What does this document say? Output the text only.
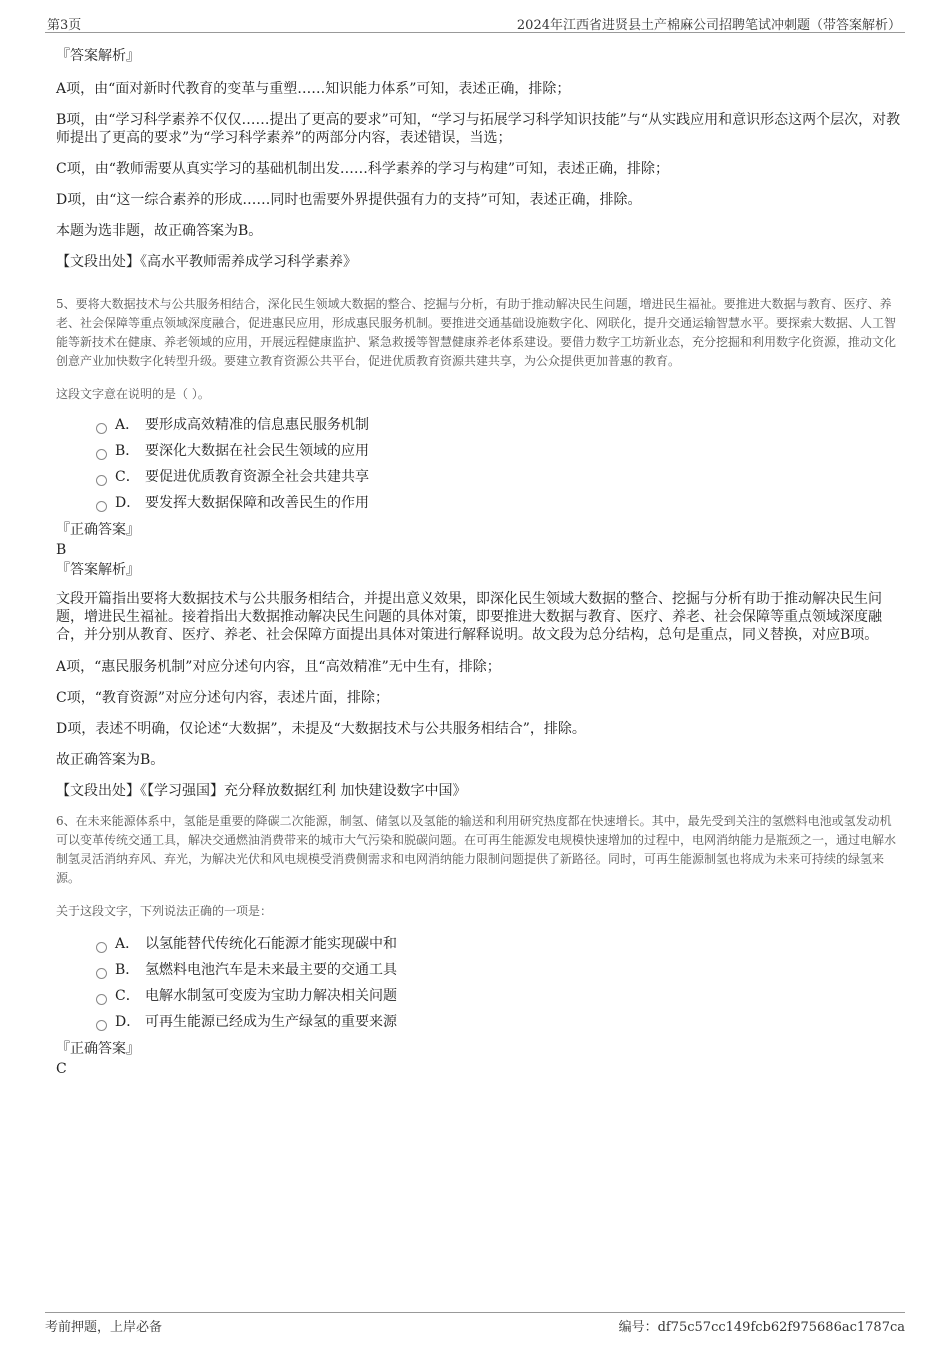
第3页	2024年江西省进贤县土产棉麻公司招聘笔试冲刺题（带答案解析）
『答案解析』
A项，由“面对新时代教育的变革与重塑……知识能力体系”可知，表述正确，排除；
B项，由“学习科学素养不仅仅……提出了更高的要求”可知，“学习与拓展学习科学知识技能”与“从实践应用和意识形态这两个层次，对教师提出了更高的要求”为“学习科学素养”的两部分内容，表述错误，当选；
C项，由“教师需要从真实学习的基础机制出发……科学素养的学习与构建”可知，表述正确，排除；
D项，由“这一综合素养的形成……同时也需要外界提供强有力的支持”可知，表述正确，排除。
本题为选非题，故正确答案为B。
【文段出处】《高水平教师需养成学习科学素养》
5、要将大数据技术与公共服务相结合，深化民生领域大数据的整合、挖掘与分析，有助于推动解决民生问题，增进民生福祉。要推进大数据与教育、医疗、养老、社会保障等重点领域深度融合，促进惠民应用，形成惠民服务机制。要推进交通基础设施数字化、网联化，提升交通运输智慧水平。要探索大数据、人工智能等新技术在健康、养老领域的应用，开展远程健康监护、紧急救援等智慧健康养老体系建设。要借力数字工坊新业态，充分挖掘和利用数字化资源，推动文化创意产业加快数字化转型升级。要建立教育资源公共平台，促进优质教育资源共建共享，为公众提供更加普惠的教育。
这段文字意在说明的是（ ）。
A． 要形成高效精准的信息惠民服务机制
B． 要深化大数据在社会民生领域的应用
C． 要促进优质教育资源全社会共建共享
D． 要发挥大数据保障和改善民生的作用
『正确答案』
B
『答案解析』
文段开篇指出要将大数据技术与公共服务相结合，并提出意义效果，即深化民生领域大数据的整合、挖掘与分析有助于推动解决民生问题，增进民生福祉。接着指出大数据推动解决民生问题的具体对策，即要推进大数据与教育、医疗、养老、社会保障等重点领域深度融合，并分别从教育、医疗、养老、社会保障方面提出具体对策进行解释说明。故文段为总分结构，总句是重点，同义替换，对应B项。
A项，“惠民服务机制”对应分述句内容，且“高效精准”无中生有，排除；
C项，“教育资源”对应分述句内容，表述片面，排除；
D项，表述不明确，仅论述“大数据”，未提及“大数据技术与公共服务相结合”，排除。
故正确答案为B。
【文段出处】《【学习强国】充分释放数据红利 加快建设数字中国》
6、在未来能源体系中，氢能是重要的降碳二次能源，制氢、储氢以及氢能的输送和利用研究热度都在快速增长。其中，最先受到关注的氢燃料电池或氢发动机可以变革传统交通工具，解决交通燃油消费带来的城市大气污染和脱碳问题。在可再生能源发电规模快速增加的过程中，电网消纳能力是瓶颈之一，通过电解水制氢灵活消纳弃风、弃光，为解决光伏和风电规模受消费侧需求和电网消纳能力限制问题提供了新路径。同时，可再生能源制氢也将成为未来可持续的绿氢来源。
关于这段文字，下列说法正确的一项是：
A． 以氢能替代传统化石能源才能实现碳中和
B． 氢燃料电池汽车是未来最主要的交通工具
C． 电解水制氢可变废为宝助力解决相关问题
D． 可再生能源已经成为生产绿氢的重要来源
『正确答案』
C
考前押题，上岸必备	编号：df75c57cc149fcb62f975686ac1787ca
